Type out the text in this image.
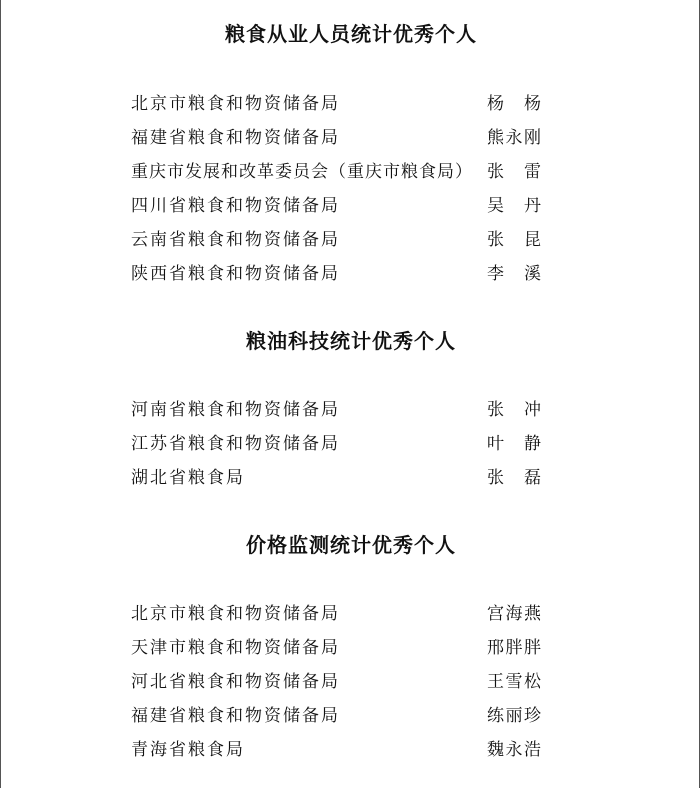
粮食从业人员统计优秀个人
北京市粮食和物资储备局	杨 杨
福建省粮食和物资储备局	熊永刚
重庆市发展和改革委员会（重庆市粮食局） 张 雷
四川省粮食和物资储备局	吴 丹
云南省粮食和物资储备局	张 昆
陕西省粮食和物资储备局	李 溪
粮油科技统计优秀个人
河南省粮食和物资储备局	张 冲
江苏省粮食和物资储备局	叶 静
湖北省粮食局	张 磊
价格监测统计优秀个人
北京市粮食和物资储备局	宫海燕
天津市粮食和物资储备局	邢胖胖
河北省粮食和物资储备局	王雪松
福建省粮食和物资储备局	练丽珍
青海省粮食局	魏永浩
